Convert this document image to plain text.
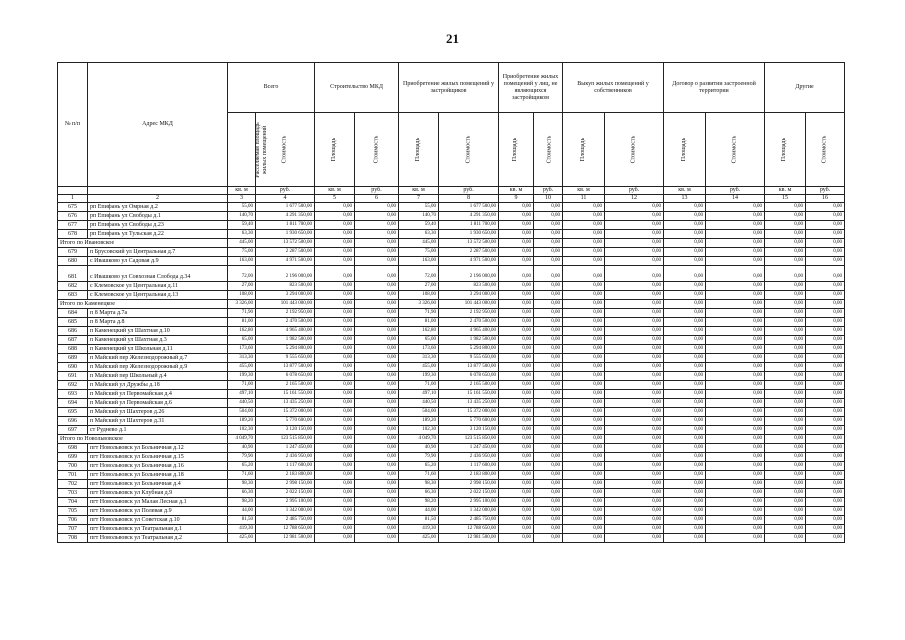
21
№ п/п	Адрес МКД	Всего		Строительство МКД		Приобретение жилых помещений у застройщиков		Приобретение жилых помещений у лиц, не являющихся застройщиком		Выкуп жилых помещений у собственников		Договор о развитии застроенной территории		Другие	
		Расселяемая площадь жилых помещений	Стоимость	Площадь	Стоимость	Площадь	Стоимость	Площадь	Стоимость	Площадь	Стоимость	Площадь	Стоимость	Площадь	Стоимость
		кв. м	руб.	кв. м	руб.	кв. м	руб.	кв. м	руб.	кв. м	руб.	кв. м	руб.	кв. м	руб.
1	2	3	4	5	6	7	8	9	10	11	12	13	14	15	16
675	рп Епифань ул Омрная д.2	55,00	1 677 500,00	0,00	0,00	55,00	1 677 500,00	0,00	0,00	0,00	0,00	0,00	0,00	0,00	0,00
676	рп Епифань ул Свободы д.1	140,70	4 291 350,00	0,00	0,00	140,70	4 291 350,00	0,00	0,00	0,00	0,00	0,00	0,00	0,00	0,00
677	рп Епифань ул Свободы д.23	59,40	1 811 700,00	0,00	0,00	59,40	1 811 700,00	0,00	0,00	0,00	0,00	0,00	0,00	0,00	0,00
678	рп Епифань ул Тульская д.22	63,30	1 930 650,00	0,00	0,00	63,30	1 930 650,00	0,00	0,00	0,00	0,00	0,00	0,00	0,00	0,00
Итого по Ивановское		445,00	13 572 500,00	0,00	0,00	445,00	13 572 500,00	0,00	0,00	0,00	0,00	0,00	0,00	0,00	0,00
679	п Брусовский ул Центральная д.7	75,00	2 287 500,00	0,00	0,00	75,00	2 287 500,00	0,00	0,00	0,00	0,00	0,00	0,00	0,00	0,00
680	с Ивашково ул Садовая д.9	163,00	4 971 500,00	0,00	0,00	163,00	4 971 500,00	0,00	0,00	0,00	0,00	0,00	0,00	0,00	0,00
681	с Ивашково ул Совхозная Слобода д.34	72,00	2 196 000,00	0,00	0,00	72,00	2 196 000,00	0,00	0,00	0,00	0,00	0,00	0,00	0,00	0,00
682	с Клемовское ул Центральная д.11	27,00	823 500,00	0,00	0,00	27,00	823 500,00	0,00	0,00	0,00	0,00	0,00	0,00	0,00	0,00
683	с Клемовское ул Центральная д.13	108,00	3 294 000,00	0,00	0,00	108,00	3 294 000,00	0,00	0,00	0,00	0,00	0,00	0,00	0,00	0,00
Итого по Каменецкое		3 326,00	101 443 000,00	0,00	0,00	3 326,00	101 443 000,00	0,00	0,00	0,00	0,00	0,00	0,00	0,00	0,00
684	п 8 Марта д.7а	71,90	2 192 950,00	0,00	0,00	71,90	2 192 950,00	0,00	0,00	0,00	0,00	0,00	0,00	0,00	0,00
685	п 8 Марта д.8	81,00	2 470 500,00	0,00	0,00	81,00	2 470 500,00	0,00	0,00	0,00	0,00	0,00	0,00	0,00	0,00
686	п Каменецкий ул Шахтная д.10	162,80	4 965 400,00	0,00	0,00	162,80	4 965 400,00	0,00	0,00	0,00	0,00	0,00	0,00	0,00	0,00
687	п Каменецкий ул Шахтная д.3	65,00	1 982 500,00	0,00	0,00	65,00	1 982 500,00	0,00	0,00	0,00	0,00	0,00	0,00	0,00	0,00
688	п Каменецкий ул Школьная д.11	173,60	5 294 800,00	0,00	0,00	173,60	5 294 800,00	0,00	0,00	0,00	0,00	0,00	0,00	0,00	0,00
689	п Майский пер Железнодорожный д.7	313,30	9 555 650,00	0,00	0,00	313,30	9 555 650,00	0,00	0,00	0,00	0,00	0,00	0,00	0,00	0,00
690	п Майский пер Железнодорожный д.9	455,00	13 877 500,00	0,00	0,00	455,00	13 877 500,00	0,00	0,00	0,00	0,00	0,00	0,00	0,00	0,00
691	п Майский пер Школьный д.4	199,30	6 078 650,00	0,00	0,00	199,30	6 078 650,00	0,00	0,00	0,00	0,00	0,00	0,00	0,00	0,00
692	п Майский ул Дружбы д.18	71,00	2 165 500,00	0,00	0,00	71,00	2 165 500,00	0,00	0,00	0,00	0,00	0,00	0,00	0,00	0,00
693	п Майский ул Первомайская д.4	497,10	15 161 550,00	0,00	0,00	497,10	15 161 550,00	0,00	0,00	0,00	0,00	0,00	0,00	0,00	0,00
694	п Майский ул Первомайская д.6	440,50	13 435 250,00	0,00	0,00	440,50	13 435 250,00	0,00	0,00	0,00	0,00	0,00	0,00	0,00	0,00
695	п Майский ул Шахтеров д.26	504,00	15 372 000,00	0,00	0,00	504,00	15 372 000,00	0,00	0,00	0,00	0,00	0,00	0,00	0,00	0,00
696	п Майский ул Шахтеров д.31	189,20	5 770 600,00	0,00	0,00	189,20	5 770 600,00	0,00	0,00	0,00	0,00	0,00	0,00	0,00	0,00
697	ст Руднево д.1	102,30	3 120 150,00	0,00	0,00	102,30	3 120 150,00	0,00	0,00	0,00	0,00	0,00	0,00	0,00	0,00
Итого по Новольвовское		4 049,70	123 515 850,00	0,00	0,00	4 049,70	123 515 850,00	0,00	0,00	0,00	0,00	0,00	0,00	0,00	0,00
698	пгт Новольвовск ул Больничная д.12	40,90	1 247 450,00	0,00	0,00	40,90	1 247 450,00	0,00	0,00	0,00	0,00	0,00	0,00	0,00	0,00
699	пгт Новольвовск ул Больничная д.15	79,90	2 436 950,00	0,00	0,00	79,90	2 436 950,00	0,00	0,00	0,00	0,00	0,00	0,00	0,00	0,00
700	пгт Новольвовск ул Больничная д.16	65,20	1 117 600,00	0,00	0,00	65,20	1 117 600,00	0,00	0,00	0,00	0,00	0,00	0,00	0,00	0,00
701	пгт Новольвовск ул Больничная д.18	71,60	2 183 800,00	0,00	0,00	71,60	2 183 800,00	0,00	0,00	0,00	0,00	0,00	0,00	0,00	0,00
702	пгт Новольвовск ул Больничная д.4	98,30	2 998 150,00	0,00	0,00	98,30	2 998 150,00	0,00	0,00	0,00	0,00	0,00	0,00	0,00	0,00
703	пгт Новольвовск ул Клубная д.9	66,30	2 022 150,00	0,00	0,00	66,30	2 022 150,00	0,00	0,00	0,00	0,00	0,00	0,00	0,00	0,00
704	пгт Новольвовск ул Малая Лесная д.1	98,20	2 995 100,00	0,00	0,00	98,20	2 995 100,00	0,00	0,00	0,00	0,00	0,00	0,00	0,00	0,00
705	пгт Новольвовск ул Полевая д.9	44,00	1 342 000,00	0,00	0,00	44,00	1 342 000,00	0,00	0,00	0,00	0,00	0,00	0,00	0,00	0,00
706	пгт Новольвовск ул Советская д.10	81,50	2 485 750,00	0,00	0,00	81,50	2 485 750,00	0,00	0,00	0,00	0,00	0,00	0,00	0,00	0,00
707	пгт Новольвовск ул Театральная д.1	419,30	12 788 650,00	0,00	0,00	419,30	12 788 650,00	0,00	0,00	0,00	0,00	0,00	0,00	0,00	0,00
708	пгт Новольвовск ул Театральная д.2	425,00	12 981 500,00	0,00	0,00	425,00	12 981 500,00	0,00	0,00	0,00	0,00	0,00	0,00	0,00	0,00
